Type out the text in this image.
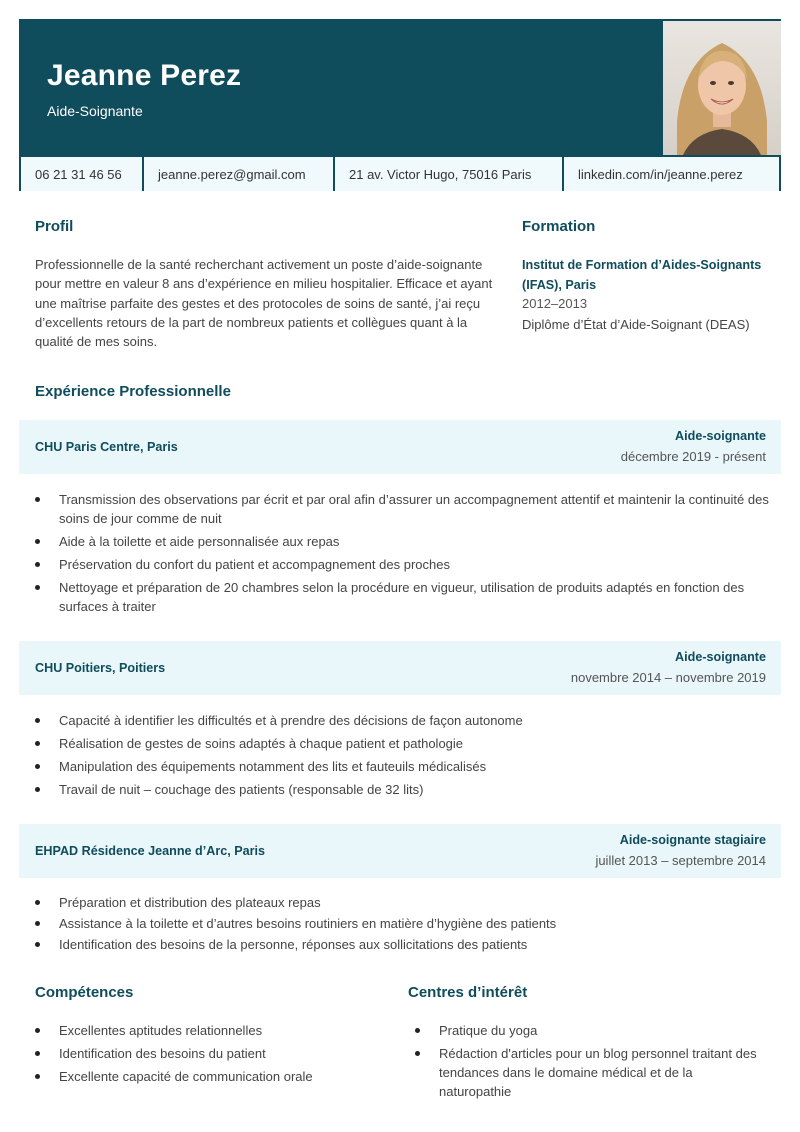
Jeanne Perez
Aide-Soignante
06 21 31 46 56	jeanne.perez@gmail.com	21 av. Victor Hugo, 75016 Paris	linkedin.com/in/jeanne.perez
Profil
Professionnelle de la santé recherchant activement un poste d’aide-soignante pour mettre en valeur 8 ans d’expérience en milieu hospitalier. Efficace et ayant une maîtrise parfaite des gestes et des protocoles de soins de santé, j’ai reçu d’excellents retours de la part de nombreux patients et collègues quant à la qualité de mes soins.
Formation
Institut de Formation d’Aides-Soignants (IFAS), Paris
2012–2013
Diplôme d’État d’Aide-Soignant (DEAS)
Expérience Professionnelle
CHU Paris Centre, Paris
Aide-soignante
décembre 2019 - présent
Transmission des observations par écrit et par oral afin d’assurer un accompagnement attentif et maintenir la continuité des soins de jour comme de nuit
Aide à la toilette et aide personnalisée aux repas
Préservation du confort du patient et accompagnement des proches
Nettoyage et préparation de 20 chambres selon la procédure en vigueur, utilisation de produits adaptés en fonction des surfaces à traiter
CHU Poitiers, Poitiers
Aide-soignante
novembre 2014 – novembre 2019
Capacité à identifier les difficultés et à prendre des décisions de façon autonome
Réalisation de gestes de soins adaptés à chaque patient et pathologie
Manipulation des équipements notamment des lits et fauteuils médicalisés
Travail de nuit – couchage des patients (responsable de 32 lits)
EHPAD Résidence Jeanne d’Arc, Paris
Aide-soignante stagiaire
juillet 2013 – septembre 2014
Préparation et distribution des plateaux repas
Assistance à la toilette et d’autres besoins routiniers en matière d’hygiène des patients
Identification des besoins de la personne, réponses aux sollicitations des patients
Compétences
Excellentes aptitudes relationnelles
Identification des besoins du patient
Excellente capacité de communication orale
Centres d’intérêt
Pratique du yoga
Rédaction d'articles pour un blog personnel traitant des tendances dans le domaine médical et de la naturopathie
